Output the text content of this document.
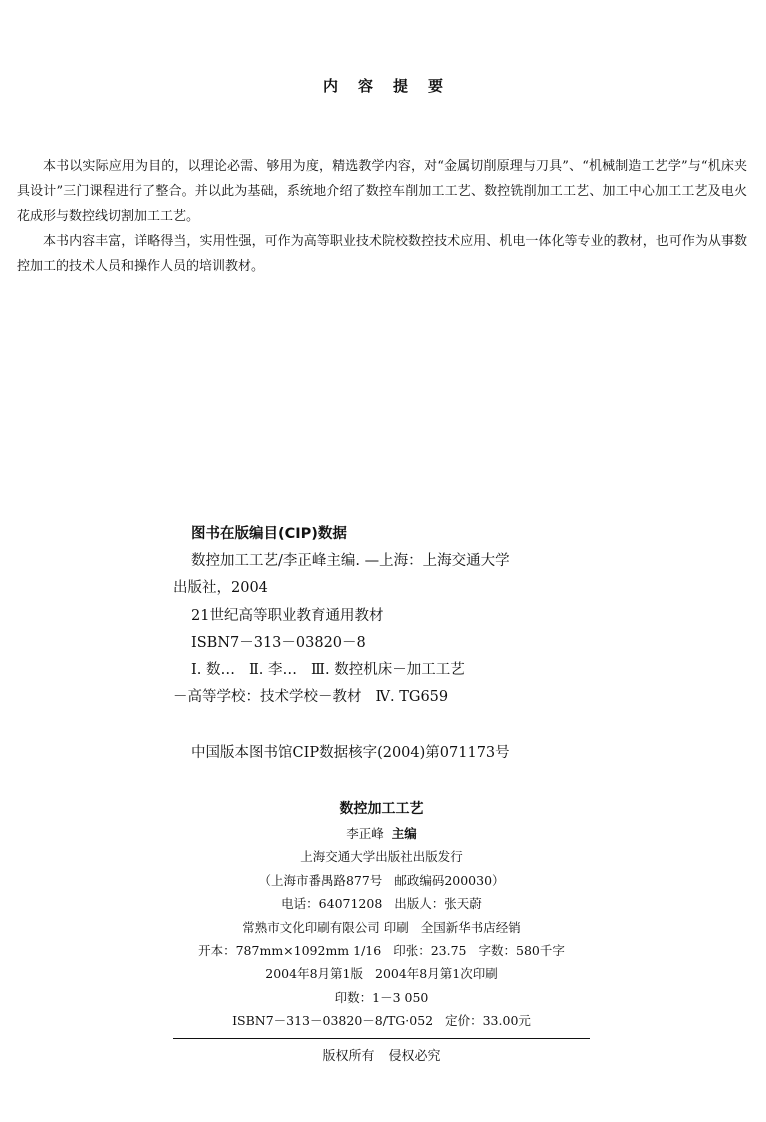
内容提要

本书以实际应用为目的，以理论必需、够用为度，精选教学内容，对“金属切削原理与刀具”、“机械制造工艺学”与“机床夹具设计”三门课程进行了整合。并以此为基础，系统地介绍了数控车削加工工艺、数控铣削加工工艺、加工中心加工工艺及电火花成形与数控线切割加工工艺。

本书内容丰富，详略得当，实用性强，可作为高等职业技术院校数控技术应用、机电一体化等专业的教材，也可作为从事数控加工的技术人员和操作人员的培训教材。

图书在版编目(CIP)数据
数控加工工艺/李正峰主编. —上海：上海交通大学
出版社，2004
21世纪高等职业教育通用教材
ISBN7－313－03820－8
Ⅰ. 数… Ⅱ. 李… Ⅲ. 数控机床－加工工艺
－高等学校：技术学校－教材 Ⅳ. TG659
中国版本图书馆CIP数据核字(2004)第071173号
数控加工工艺
李正峰 主编
上海交通大学出版社出版发行
（上海市番禺路877号 邮政编码200030）
电话：64071208 出版人：张天蔚
常熟市文化印刷有限公司 印刷 全国新华书店经销
开本：787mm×1092mm 1/16 印张：23.75 字数：580千字
2004年8月第1版 2004年8月第1次印刷
印数：1－3 050
ISBN7－313－03820－8/TG·052 定价：33.00元
版权所有 侵权必究
